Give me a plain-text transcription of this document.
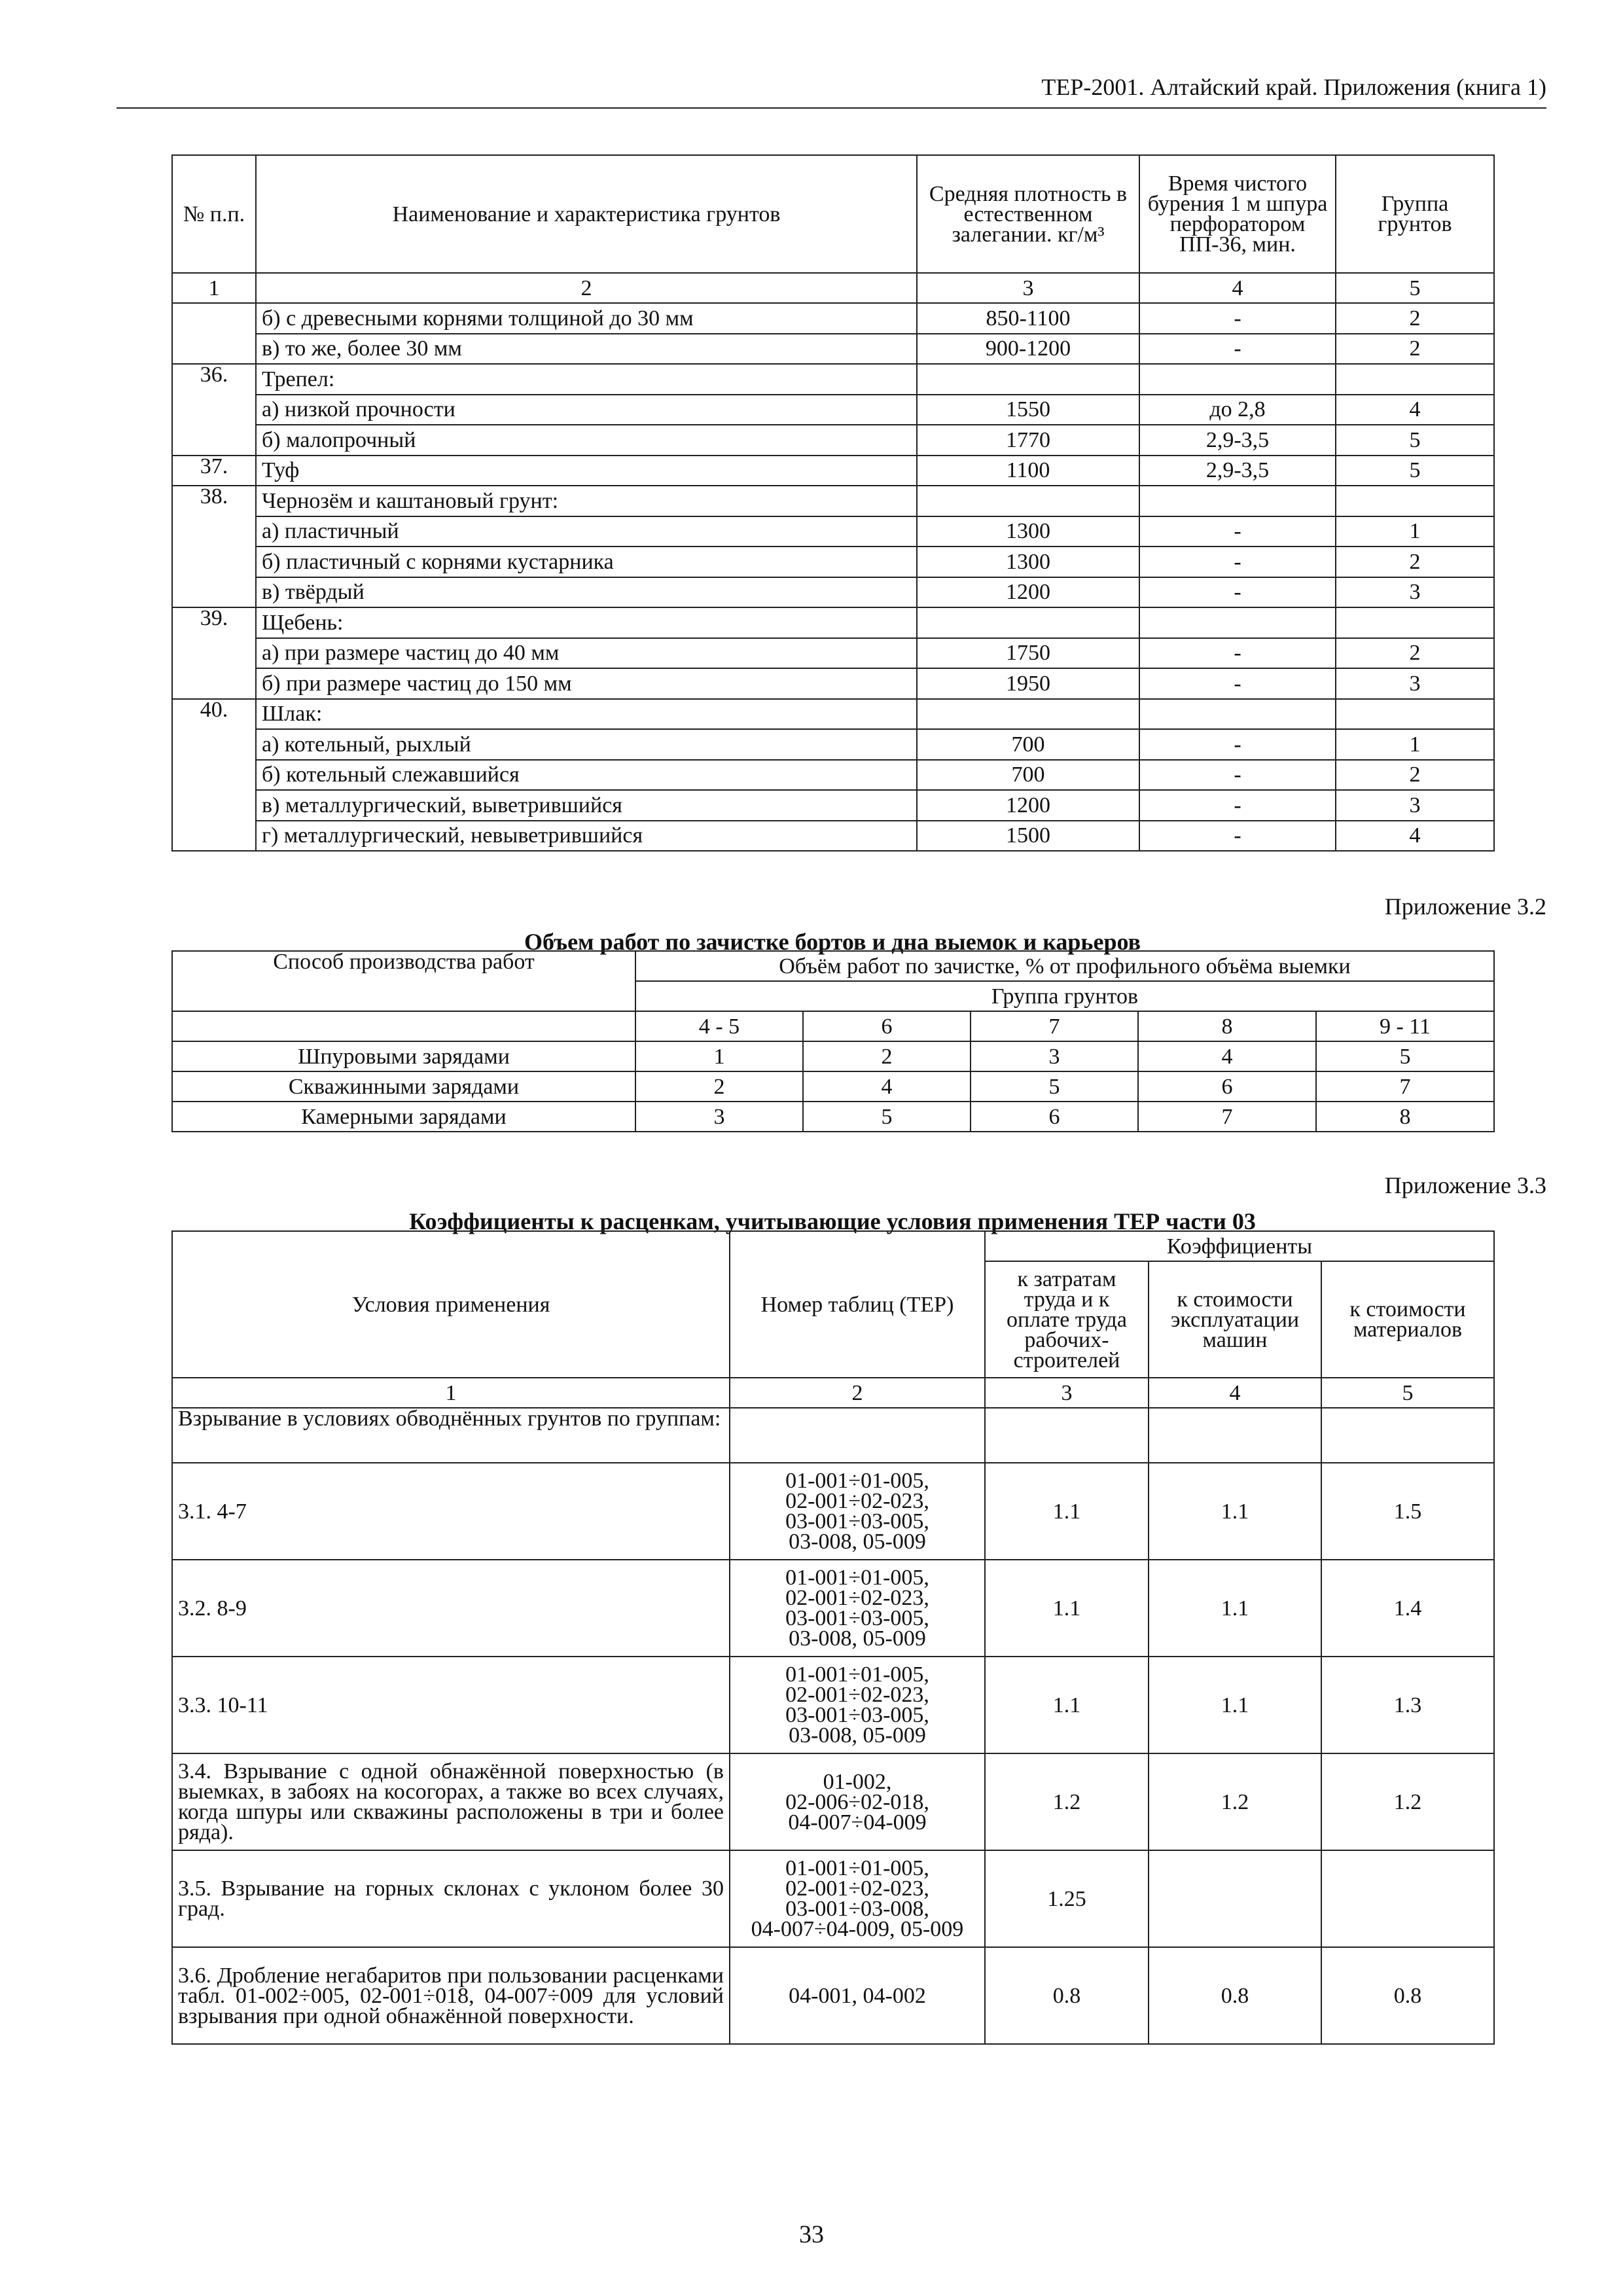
ТЕР-2001. Алтайский край. Приложения (книга 1)
№ п.п.	Наименование и характеристика грунтов	Средняя плотность в естественном залегании. кг/м³	Время чистого бурения 1 м шпура перфоратором ПП-36, мин.	Группа грунтов
1	2	3	4	5
	б) с древесными корнями толщиной до 30 мм	850-1100	-	2
	в) то же, более 30 мм	900-1200	-	2
36.	Трепел:			
	а) низкой прочности	1550	до 2,8	4
	б) малопрочный	1770	2,9-3,5	5
37.	Туф	1100	2,9-3,5	5
38.	Чернозём и каштановый грунт:			
	а) пластичный	1300	-	1
	б) пластичный с корнями кустарника	1300	-	2
	в) твёрдый	1200	-	3
39.	Щебень:			
	а) при размере частиц до 40 мм	1750	-	2
	б) при размере частиц до 150 мм	1950	-	3
40.	Шлак:			
	а) котельный, рыхлый	700	-	1
	б) котельный слежавшийся	700	-	2
	в) металлургический, выветрившийся	1200	-	3
	г) металлургический, невыветрившийся	1500	-	4
Приложение 3.2
Объем работ по зачистке бортов и дна выемок и карьеров
Способ производства работ	Объём работ по зачистке, % от профильного объёма выемки				
	Группа грунтов				
	4 - 5	6	7	8	9 - 11
Шпуровыми зарядами	1	2	3	4	5
Скважинными зарядами	2	4	5	6	7
Камерными зарядами	3	5	6	7	8
Приложение 3.3
Коэффициенты к расценкам, учитывающие условия применения ТЕР части 03
Условия применения	Номер таблиц (ТЕР)	Коэффициенты		
		к затратам труда и к оплате труда рабочих-строителей	к стоимости эксплуатации машин	к стоимости материалов
1	2	3	4	5
Взрывание в условиях обводнённых грунтов по группам:				
3.1. 4-7	01-001÷01-005,
02-001÷02-023,
03-001÷03-005,
03-008, 05-009	1.1	1.1	1.5
3.2. 8-9	01-001÷01-005,
02-001÷02-023,
03-001÷03-005,
03-008, 05-009	1.1	1.1	1.4
3.3. 10-11	01-001÷01-005,
02-001÷02-023,
03-001÷03-005,
03-008, 05-009	1.1	1.1	1.3
3.4. Взрывание с одной обнажённой поверхностью (в выемках, в забоях на косогорах, а также во всех случаях, когда шпуры или скважины расположены в три и более ряда).	01-002,
02-006÷02-018,
04-007÷04-009	1.2	1.2	1.2
3.5. Взрывание на горных склонах с уклоном более 30 град.	01-001÷01-005,
02-001÷02-023,
03-001÷03-008,
04-007÷04-009, 05-009	1.25		
3.6. Дробление негабаритов при пользовании расценками табл. 01-002÷005, 02-001÷018, 04-007÷009 для условий взрывания при одной обнажённой поверхности.	04-001, 04-002	0.8	0.8	0.8
33
